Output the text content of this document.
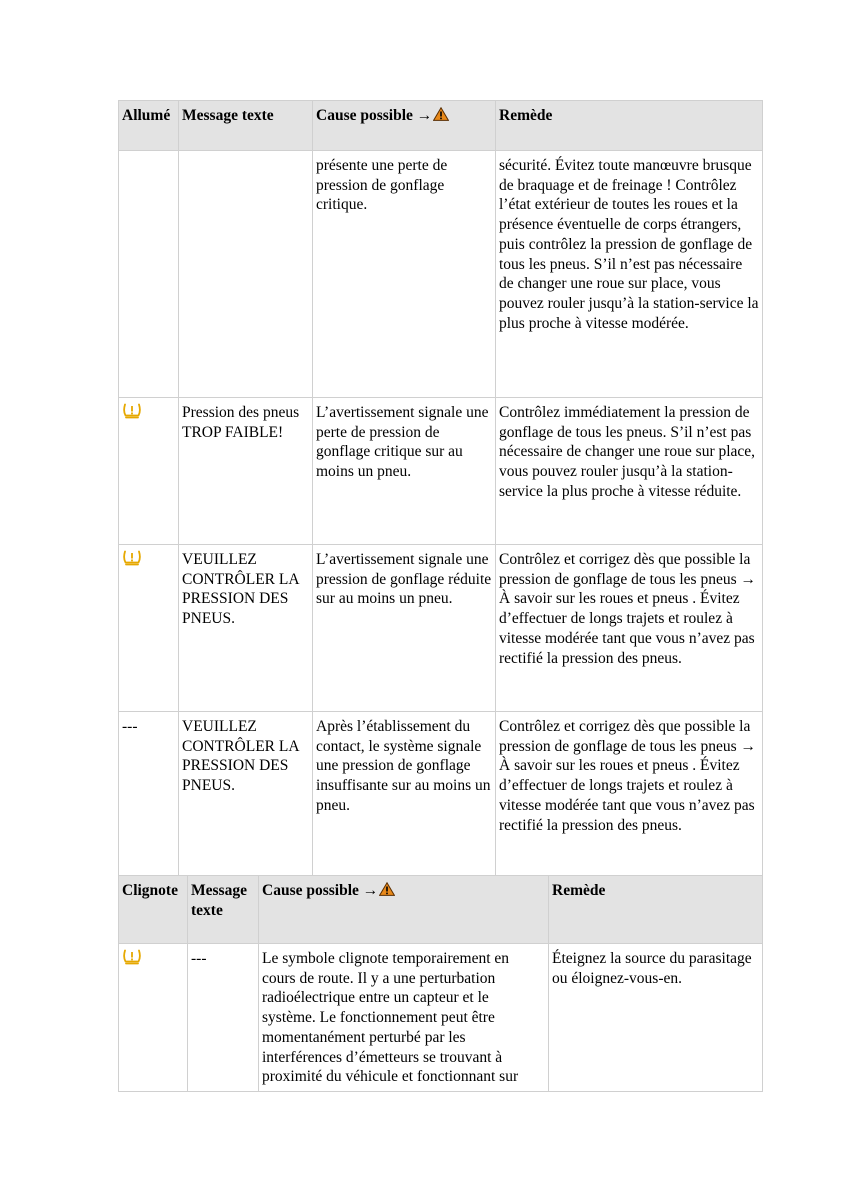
Allumé	Message texte	Cause possible →	Remède
		présente une perte de pression de gonflage critique.	sécurité. Évitez toute manœuvre brusque de braquage et de freinage ! Contrôlez l’état extérieur de toutes les roues et la présence éventuelle de corps étrangers, puis contrôlez la pression de gonflage de tous les pneus. S’il n’est pas nécessaire de changer une roue sur place, vous pouvez rouler jusqu’à la station-service la plus proche à vitesse modérée.
	Pression des pneus TROP FAIBLE!	L’avertissement signale une perte de pression de gonflage critique sur au moins un pneu.	Contrôlez immédiatement la pression de gonflage de tous les pneus. S’il n’est pas nécessaire de changer une roue sur place, vous pouvez rouler jusqu’à la station-service la plus proche à vitesse réduite.
	VEUILLEZ CONTRÔLER LA PRESSION DES PNEUS.	L’avertissement signale une pression de gonflage réduite sur au moins un pneu.	Contrôlez et corrigez dès que possible la pression de gonflage de tous les pneus → À savoir sur les roues et pneus . Évitez d’effectuer de longs trajets et roulez à vitesse modérée tant que vous n’avez pas rectifié la pression des pneus.
---	VEUILLEZ CONTRÔLER LA PRESSION DES PNEUS.	Après l’établissement du contact, le système signale une pression de gonflage insuffisante sur au moins un pneu.	Contrôlez et corrigez dès que possible la pression de gonflage de tous les pneus → À savoir sur les roues et pneus . Évitez d’effectuer de longs trajets et roulez à vitesse modérée tant que vous n’avez pas rectifié la pression des pneus.
Clignote	Message texte	Cause possible →	Remède
	---	Le symbole clignote temporairement en cours de route. Il y a une perturbation radioélectrique entre un capteur et le système. Le fonctionnement peut être momentanément perturbé par les interférences d’émetteurs se trouvant à proximité du véhicule et fonctionnant sur	Éteignez la source du parasitage ou éloignez-vous-en.
